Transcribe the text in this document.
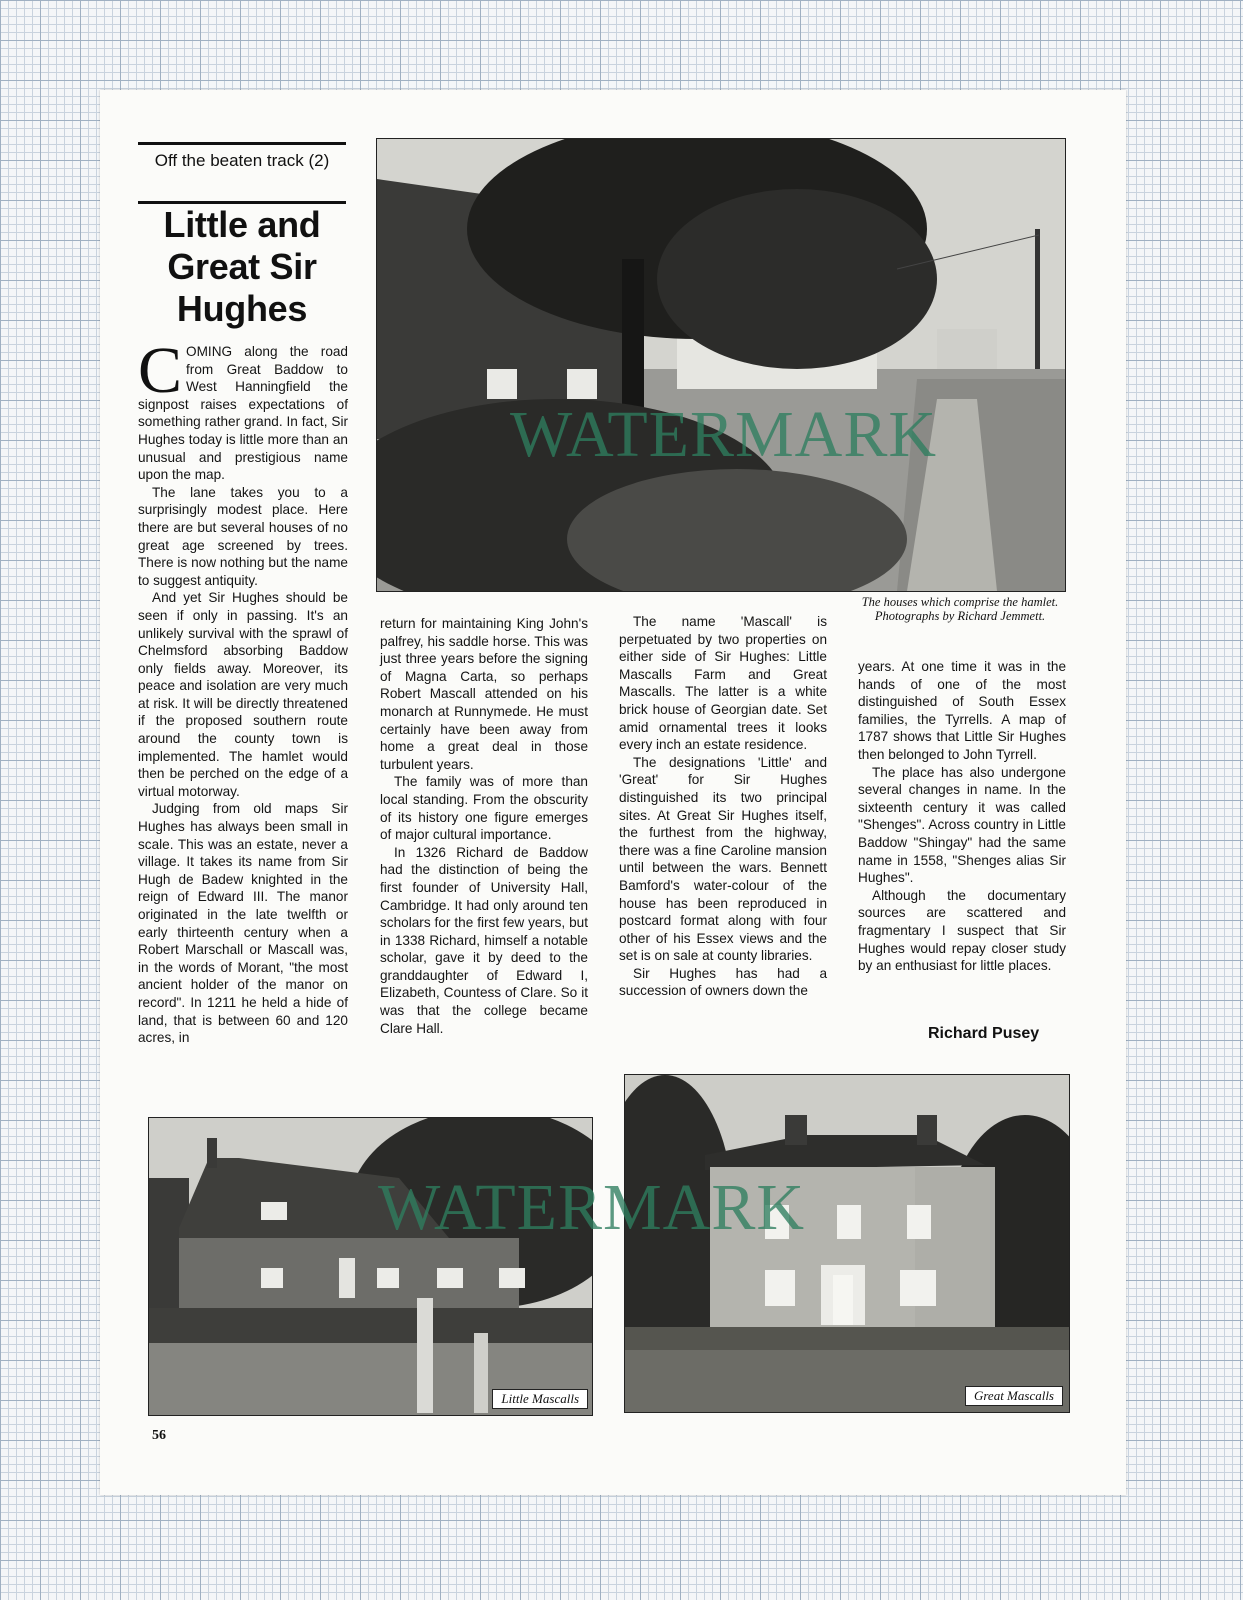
Off the beaten track (2)
Little and Great Sir Hughes

COMING along the road from Great Baddow to West Hanningfield the signpost raises expectations of something rather grand. In fact, Sir Hughes today is little more than an unusual and prestigious name upon the map.

The lane takes you to a surprisingly modest place. Here there are but several houses of no great age screened by trees. There is now nothing but the name to suggest antiquity.

And yet Sir Hughes should be seen if only in passing. It's an unlikely survival with the sprawl of Chelmsford absorbing Baddow only fields away. Moreover, its peace and isolation are very much at risk. It will be directly threatened if the proposed southern route around the county town is implemented. The hamlet would then be perched on the edge of a virtual motorway.

Judging from old maps Sir Hughes has always been small in scale. This was an estate, never a village. It takes its name from Sir Hugh de Badew knighted in the reign of Edward III. The manor originated in the late twelfth or early thirteenth century when a Robert Marschall or Mascall was, in the words of Morant, "the most ancient holder of the manor on record". In 1211 he held a hide of land, that is between 60 and 120 acres, in

return for maintaining King John's palfrey, his saddle horse. This was just three years before the signing of Magna Carta, so perhaps Robert Mascall attended on his monarch at Runnymede. He must certainly have been away from home a great deal in those turbulent years.

The family was of more than local standing. From the obscurity of its history one figure emerges of major cultural importance.

In 1326 Richard de Baddow had the distinction of being the first founder of University Hall, Cambridge. It had only around ten scholars for the first few years, but in 1338 Richard, himself a notable scholar, gave it by deed to the granddaughter of Edward I, Elizabeth, Countess of Clare. So it was that the college became Clare Hall.

The name 'Mascall' is perpetuated by two properties on either side of Sir Hughes: Little Mascalls Farm and Great Mascalls. The latter is a white brick house of Georgian date. Set amid ornamental trees it looks every inch an estate residence.

The designations 'Little' and 'Great' for Sir Hughes distinguished its two principal sites. At Great Sir Hughes itself, the furthest from the highway, there was a fine Caroline mansion until between the wars. Bennett Bamford's water-colour of the house has been reproduced in postcard format along with four other of his Essex views and the set is on sale at county libraries.

Sir Hughes has had a succession of owners down the

years. At one time it was in the hands of one of the most distinguished of South Essex families, the Tyrrells. A map of 1787 shows that Little Sir Hughes then belonged to John Tyrrell.

The place has also undergone several changes in name. In the sixteenth century it was called "Shenges". Across country in Little Baddow "Shingay" had the same name in 1558, "Shenges alias Sir Hughes".

Although the documentary sources are scattered and fragmentary I suspect that Sir Hughes would repay closer study by an enthusiast for little places.

Richard Pusey
The houses which comprise the hamlet. Photographs by Richard Jemmett.
Little Mascalls	Great Mascalls
56
WATERMARK
WATERMARK
